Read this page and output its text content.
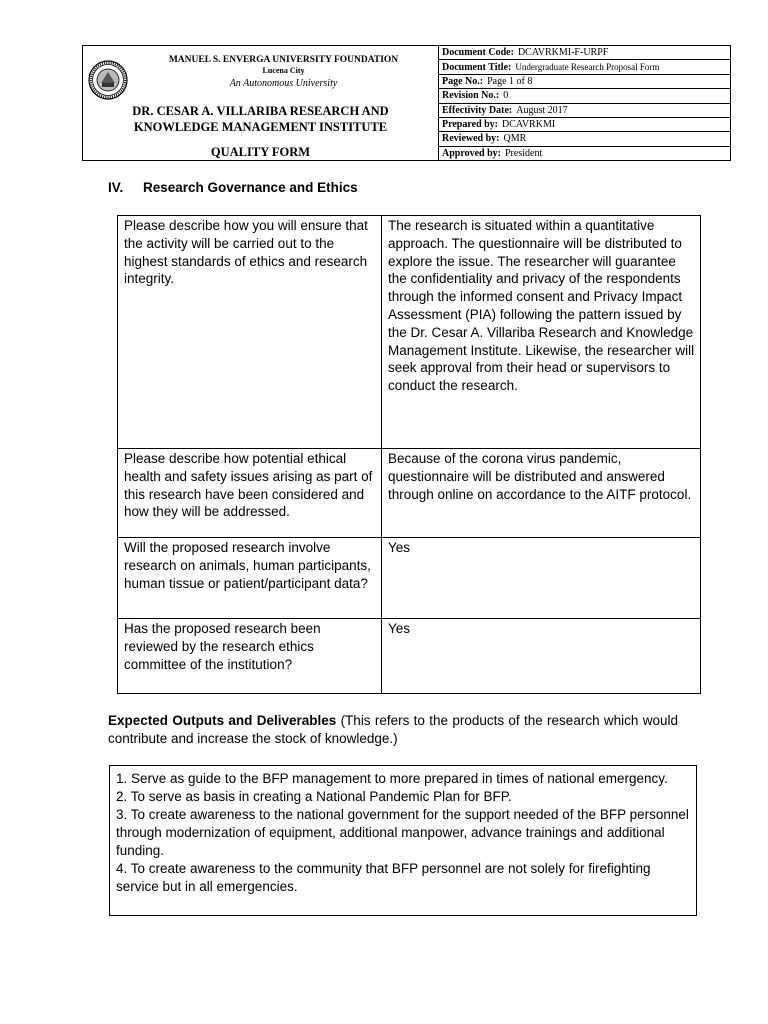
MANUEL S. ENVERGA UNIVERSITY FOUNDATION
Lucena City
An Autonomous University
DR. CESAR A. VILLARIBA RESEARCH AND
KNOWLEDGE MANAGEMENT INSTITUTE
QUALITY FORM
Document Code: DCAVRKMI-F-URPF
Document Title: Undergraduate Research Proposal Form
Page No.: Page 1 of 8
Revision No.: 0
Effectivity Date: August 2017
Prepared by: DCAVRKMI
Reviewed by: QMR
Approved by: President
IV. Research Governance and Ethics
Please describe how you will ensure that the activity will be carried out to the highest standards of ethics and research integrity.	The research is situated within a quantitative approach. The questionnaire will be distributed to explore the issue. The researcher will guarantee the confidentiality and privacy of the respondents through the informed consent and Privacy Impact Assessment (PIA) following the pattern issued by the Dr. Cesar A. Villariba Research and Knowledge Management Institute. Likewise, the researcher will seek approval from their head or supervisors to conduct the research.
Please describe how potential ethical health and safety issues arising as part of this research have been considered and how they will be addressed.	Because of the corona virus pandemic, questionnaire will be distributed and answered through online on accordance to the AITF protocol.
Will the proposed research involve research on animals, human participants, human tissue or patient/participant data?	Yes
Has the proposed research been reviewed by the research ethics committee of the institution?	Yes
Expected Outputs and Deliverables (This refers to the products of the research which would contribute and increase the stock of knowledge.)
1. Serve as guide to the BFP management to more prepared in times of national emergency.
2. To serve as basis in creating a National Pandemic Plan for BFP.
3. To create awareness to the national government for the support needed of the BFP personnel through modernization of equipment, additional manpower, advance trainings and additional funding.
4. To create awareness to the community that BFP personnel are not solely for firefighting service but in all emergencies.
